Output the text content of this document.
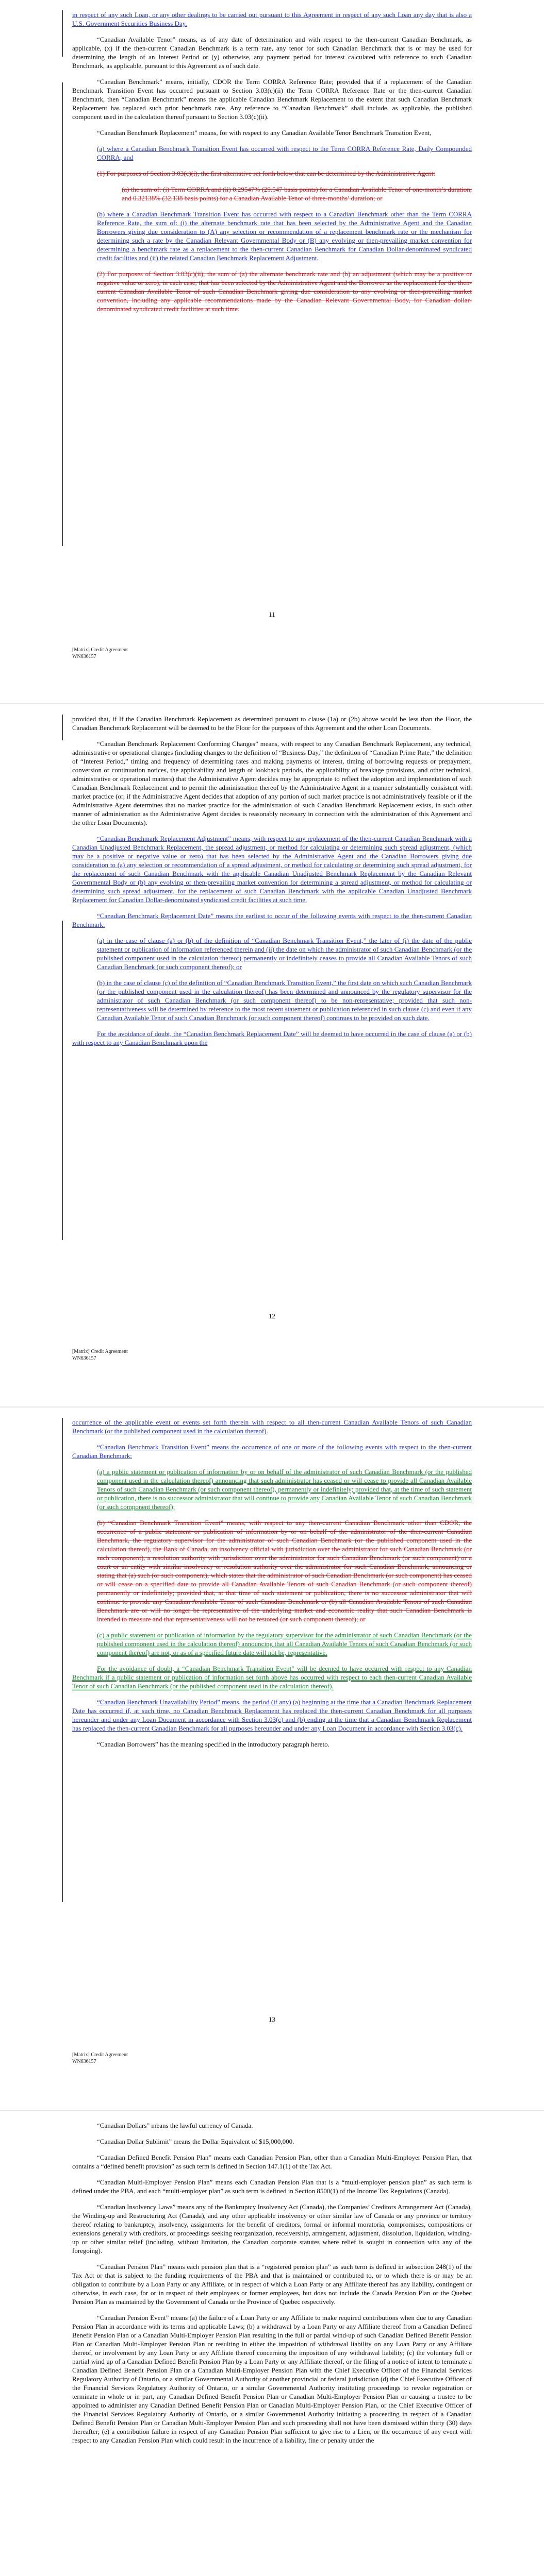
in respect of any such Loan, or any other dealings to be carried out pursuant to this Agreement in respect of any such Loan any day that is also a U.S. Government Securities Business Day.

“Canadian Available Tenor” means, as of any date of determination and with respect to the then-current Canadian Benchmark, as applicable, (x) if the then-current Canadian Benchmark is a term rate, any tenor for such Canadian Benchmark that is or may be used for determining the length of an Interest Period or (y) otherwise, any payment period for interest calculated with reference to such Canadian Benchmark, as applicable, pursuant to this Agreement as of such date.

“Canadian Benchmark” means, initially, CDOR the Term CORRA Reference Rate; provided that if a replacement of the Canadian Benchmark Transition Event has occurred pursuant to Section 3.03(c)(ii) the Term CORRA Reference Rate or the then-current Canadian Benchmark, then “Canadian Benchmark” means the applicable Canadian Benchmark Replacement to the extent that such Canadian Benchmark Replacement has replaced such prior benchmark rate. Any reference to “Canadian Benchmark” shall include, as applicable, the published component used in the calculation thereof pursuant to Section 3.03(c)(ii).

“Canadian Benchmark Replacement” means, for with respect to any Canadian Available Tenor Benchmark Transition Event,

(a) where a Canadian Benchmark Transition Event has occurred with respect to the Term CORRA Reference Rate, Daily Compounded CORRA; and

(1) For purposes of Section 3.03(c)(i), the first alternative set forth below that can be determined by the Administrative Agent:

(a) the sum of: (i) Term CORRA and (ii) 0.29547% (29.547 basis points) for a Canadian Available Tenor of one-month’s duration, and 0.32138% (32.138 basis points) for a Canadian Available Tenor of three-months’ duration; or

(b) where a Canadian Benchmark Transition Event has occurred with respect to a Canadian Benchmark other than the Term CORRA Reference Rate, the sum of: (i) the alternate benchmark rate that has been selected by the Administrative Agent and the Canadian Borrowers giving due consideration to (A) any selection or recommendation of a replacement benchmark rate or the mechanism for determining such a rate by the Canadian Relevant Governmental Body or (B) any evolving or then-prevailing market convention for determining a benchmark rate as a replacement to the then-current Canadian Benchmark for Canadian Dollar-denominated syndicated credit facilities and (ii) the related Canadian Benchmark Replacement Adjustment.

(2) For purposes of Section 3.03(c)(ii), the sum of (a) the alternate benchmark rate and (b) an adjustment (which may be a positive or negative value or zero), in each case, that has been selected by the Administrative Agent and the Borrower as the replacement for the then-current Canadian Available Tenor of such Canadian Benchmark giving due consideration to any evolving or then-prevailing market convention, including any applicable recommendations made by the Canadian Relevant Governmental Body, for Canadian dollar-denominated syndicated credit facilities at such time.

11
[Matrix] Credit Agreement
WN636157

provided that, if If the Canadian Benchmark Replacement as determined pursuant to clause (1a) or (2b) above would be less than the Floor, the Canadian Benchmark Replacement will be deemed to be the Floor for the purposes of this Agreement and the other Loan Documents.

“Canadian Benchmark Replacement Conforming Changes” means, with respect to any Canadian Benchmark Replacement, any technical, administrative or operational changes (including changes to the definition of “Business Day,” the definition of “Canadian Prime Rate,” the definition of “Interest Period,” timing and frequency of determining rates and making payments of interest, timing of borrowing requests or prepayment, conversion or continuation notices, the applicability and length of lookback periods, the applicability of breakage provisions, and other technical, administrative or operational matters) that the Administrative Agent decides may be appropriate to reflect the adoption and implementation of such Canadian Benchmark Replacement and to permit the administration thereof by the Administrative Agent in a manner substantially consistent with market practice (or, if the Administrative Agent decides that adoption of any portion of such market practice is not administratively feasible or if the Administrative Agent determines that no market practice for the administration of such Canadian Benchmark Replacement exists, in such other manner of administration as the Administrative Agent decides is reasonably necessary in connection with the administration of this Agreement and the other Loan Documents).

“Canadian Benchmark Replacement Adjustment” means, with respect to any replacement of the then-current Canadian Benchmark with a Canadian Unadjusted Benchmark Replacement, the spread adjustment, or method for calculating or determining such spread adjustment, (which may be a positive or negative value or zero) that has been selected by the Administrative Agent and the Canadian Borrowers giving due consideration to (a) any selection or recommendation of a spread adjustment, or method for calculating or determining such spread adjustment, for the replacement of such Canadian Benchmark with the applicable Canadian Unadjusted Benchmark Replacement by the Canadian Relevant Governmental Body or (b) any evolving or then-prevailing market convention for determining a spread adjustment, or method for calculating or determining such spread adjustment, for the replacement of such Canadian Benchmark with the applicable Canadian Unadjusted Benchmark Replacement for Canadian Dollar-denominated syndicated credit facilities at such time.

“Canadian Benchmark Replacement Date” means the earliest to occur of the following events with respect to the then-current Canadian Benchmark:

(a) in the case of clause (a) or (b) of the definition of “Canadian Benchmark Transition Event,” the later of (i) the date of the public statement or publication of information referenced therein and (ii) the date on which the administrator of such Canadian Benchmark (or the published component used in the calculation thereof) permanently or indefinitely ceases to provide all Canadian Available Tenors of such Canadian Benchmark (or such component thereof); or

(b) in the case of clause (c) of the definition of “Canadian Benchmark Transition Event,” the first date on which such Canadian Benchmark (or the published component used in the calculation thereof) has been determined and announced by the regulatory supervisor for the administrator of such Canadian Benchmark (or such component thereof) to be non-representative; provided that such non-representativeness will be determined by reference to the most recent statement or publication referenced in such clause (c) and even if any Canadian Available Tenor of such Canadian Benchmark (or such component thereof) continues to be provided on such date.

For the avoidance of doubt, the “Canadian Benchmark Replacement Date” will be deemed to have occurred in the case of clause (a) or (b) with respect to any Canadian Benchmark upon the

12
[Matrix] Credit Agreement
WN636157

occurrence of the applicable event or events set forth therein with respect to all then-current Canadian Available Tenors of such Canadian Benchmark (or the published component used in the calculation thereof).

“Canadian Benchmark Transition Event” means the occurrence of one or more of the following events with respect to the then-current Canadian Benchmark:

(a) a public statement or publication of information by or on behalf of the administrator of such Canadian Benchmark (or the published component used in the calculation thereof) announcing that such administrator has ceased or will cease to provide all Canadian Available Tenors of such Canadian Benchmark (or such component thereof), permanently or indefinitely; provided that, at the time of such statement or publication, there is no successor administrator that will continue to provide any Canadian Available Tenor of such Canadian Benchmark (or such component thereof);

(b) “Canadian Benchmark Transition Event” means, with respect to any then-current Canadian Benchmark other than CDOR, the occurrence of a public statement or publication of information by or on behalf of the administrator of the then-current Canadian Benchmark, the regulatory supervisor for the administrator of such Canadian Benchmark (or the published component used in the calculation thereof), the Bank of Canada, an insolvency official with jurisdiction over the administrator for such Canadian Benchmark (or such component), a resolution authority with jurisdiction over the administrator for such Canadian Benchmark (or such component) or a court or an entity with similar insolvency or resolution authority over the administrator for such Canadian Benchmark, announcing or stating that (a) such (or such component), which states that the administrator of such Canadian Benchmark (or such component) has ceased or will cease on a specified date to provide all Canadian Available Tenors of such Canadian Benchmark (or such component thereof) permanently or indefinitely; provided that, at that time of such statement or publication, there is no successor administrator that will continue to provide any Canadian Available Tenor of such Canadian Benchmark or (b) all Canadian Available Tenors of such Canadian Benchmark are or will no longer be representative of the underlying market and economic reality that such Canadian Benchmark is intended to measure and that representativeness will not be restored (or such component thereof); or

(c) a public statement or publication of information by the regulatory supervisor for the administrator of such Canadian Benchmark (or the published component used in the calculation thereof) announcing that all Canadian Available Tenors of such Canadian Benchmark (or such component thereof) are not, or as of a specified future date will not be, representative.

For the avoidance of doubt, a “Canadian Benchmark Transition Event” will be deemed to have occurred with respect to any Canadian Benchmark if a public statement or publication of information set forth above has occurred with respect to each then-current Canadian Available Tenor of such Canadian Benchmark (or the published component used in the calculation thereof).

“Canadian Benchmark Unavailability Period” means, the period (if any) (a) beginning at the time that a Canadian Benchmark Replacement Date has occurred if, at such time, no Canadian Benchmark Replacement has replaced the then-current Canadian Benchmark for all purposes hereunder and under any Loan Document in accordance with Section 3.03(c) and (b) ending at the time that a Canadian Benchmark Replacement has replaced the then-current Canadian Benchmark for all purposes hereunder and under any Loan Document in accordance with Section 3.03(c).

“Canadian Borrowers” has the meaning specified in the introductory paragraph hereto.

13
[Matrix] Credit Agreement
WN636157

“Canadian Dollars” means the lawful currency of Canada.

“Canadian Dollar Sublimit” means the Dollar Equivalent of $15,000,000.

“Canadian Defined Benefit Pension Plan” means each Canadian Pension Plan, other than a Canadian Multi-Employer Pension Plan, that contains a “defined benefit provision” as such term is defined in Section 147.1(1) of the Tax Act.

“Canadian Multi-Employer Pension Plan” means each Canadian Pension Plan that is a “multi-employer pension plan” as such term is defined under the PBA, and each “multi-employer plan” as such term is defined in Section 8500(1) of the Income Tax Regulations (Canada).

“Canadian Insolvency Laws” means any of the Bankruptcy Insolvency Act (Canada), the Companies’ Creditors Arrangement Act (Canada), the Winding-up and Restructuring Act (Canada), and any other applicable insolvency or other similar law of Canada or any province or territory thereof relating to bankruptcy, insolvency, assignments for the benefit of creditors, formal or informal moratoria, compromises, compositions or extensions generally with creditors, or proceedings seeking reorganization, receivership, arrangement, adjustment, dissolution, liquidation, winding-up or other similar relief (including, without limitation, the Canadian corporate statutes where relief is sought in connection with any of the foregoing).

“Canadian Pension Plan” means each pension plan that is a “registered pension plan” as such term is defined in subsection 248(1) of the Tax Act or that is subject to the funding requirements of the PBA and that is maintained or contributed to, or to which there is or may be an obligation to contribute by a Loan Party or any Affiliate, or in respect of which a Loan Party or any Affiliate thereof has any liability, contingent or otherwise, in each case, for or in respect of their employees or former employees, but does not include the Canada Pension Plan or the Quebec Pension Plan as maintained by the Government of Canada or the Province of Quebec respectively.

“Canadian Pension Event” means (a) the failure of a Loan Party or any Affiliate to make required contributions when due to any Canadian Pension Plan in accordance with its terms and applicable Laws; (b) a withdrawal by a Loan Party or any Affiliate thereof from a Canadian Defined Benefit Pension Plan or a Canadian Multi-Employer Pension Plan resulting in the full or partial wind-up of such Canadian Defined Benefit Pension Plan or Canadian Multi-Employer Pension Plan or resulting in either the imposition of withdrawal liability on any Loan Party or any Affiliate thereof, or involvement by any Loan Party or any Affiliate thereof concerning the imposition of any withdrawal liability; (c) the voluntary full or partial wind up of a Canadian Defined Benefit Pension Plan by a Loan Party or any Affiliate thereof, or the filing of a notice of intent to terminate a Canadian Defined Benefit Pension Plan or a Canadian Multi-Employer Pension Plan with the Chief Executive Officer of the Financial Services Regulatory Authority of Ontario, or a similar Governmental Authority of another provincial or federal jurisdiction (d) the Chief Executive Officer of the Financial Services Regulatory Authority of Ontario, or a similar Governmental Authority instituting proceedings to revoke registration or terminate in whole or in part, any Canadian Defined Benefit Pension Plan or Canadian Multi-Employer Pension Plan or causing a trustee to be appointed to administer any Canadian Defined Benefit Pension Plan or Canadian Multi-Employer Pension Plan, or the Chief Executive Officer of the Financial Services Regulatory Authority of Ontario, or a similar Governmental Authority initiating a proceeding in respect of a Canadian Defined Benefit Pension Plan or Canadian Multi-Employer Pension Plan and such proceeding shall not have been dismissed within thirty (30) days thereafter; (e) a contribution failure in respect of any Canadian Pension Plan sufficient to give rise to a Lien, or the occurrence of any event with respect to any Canadian Pension Plan which could result in the incurrence of a liability, fine or penalty under the
